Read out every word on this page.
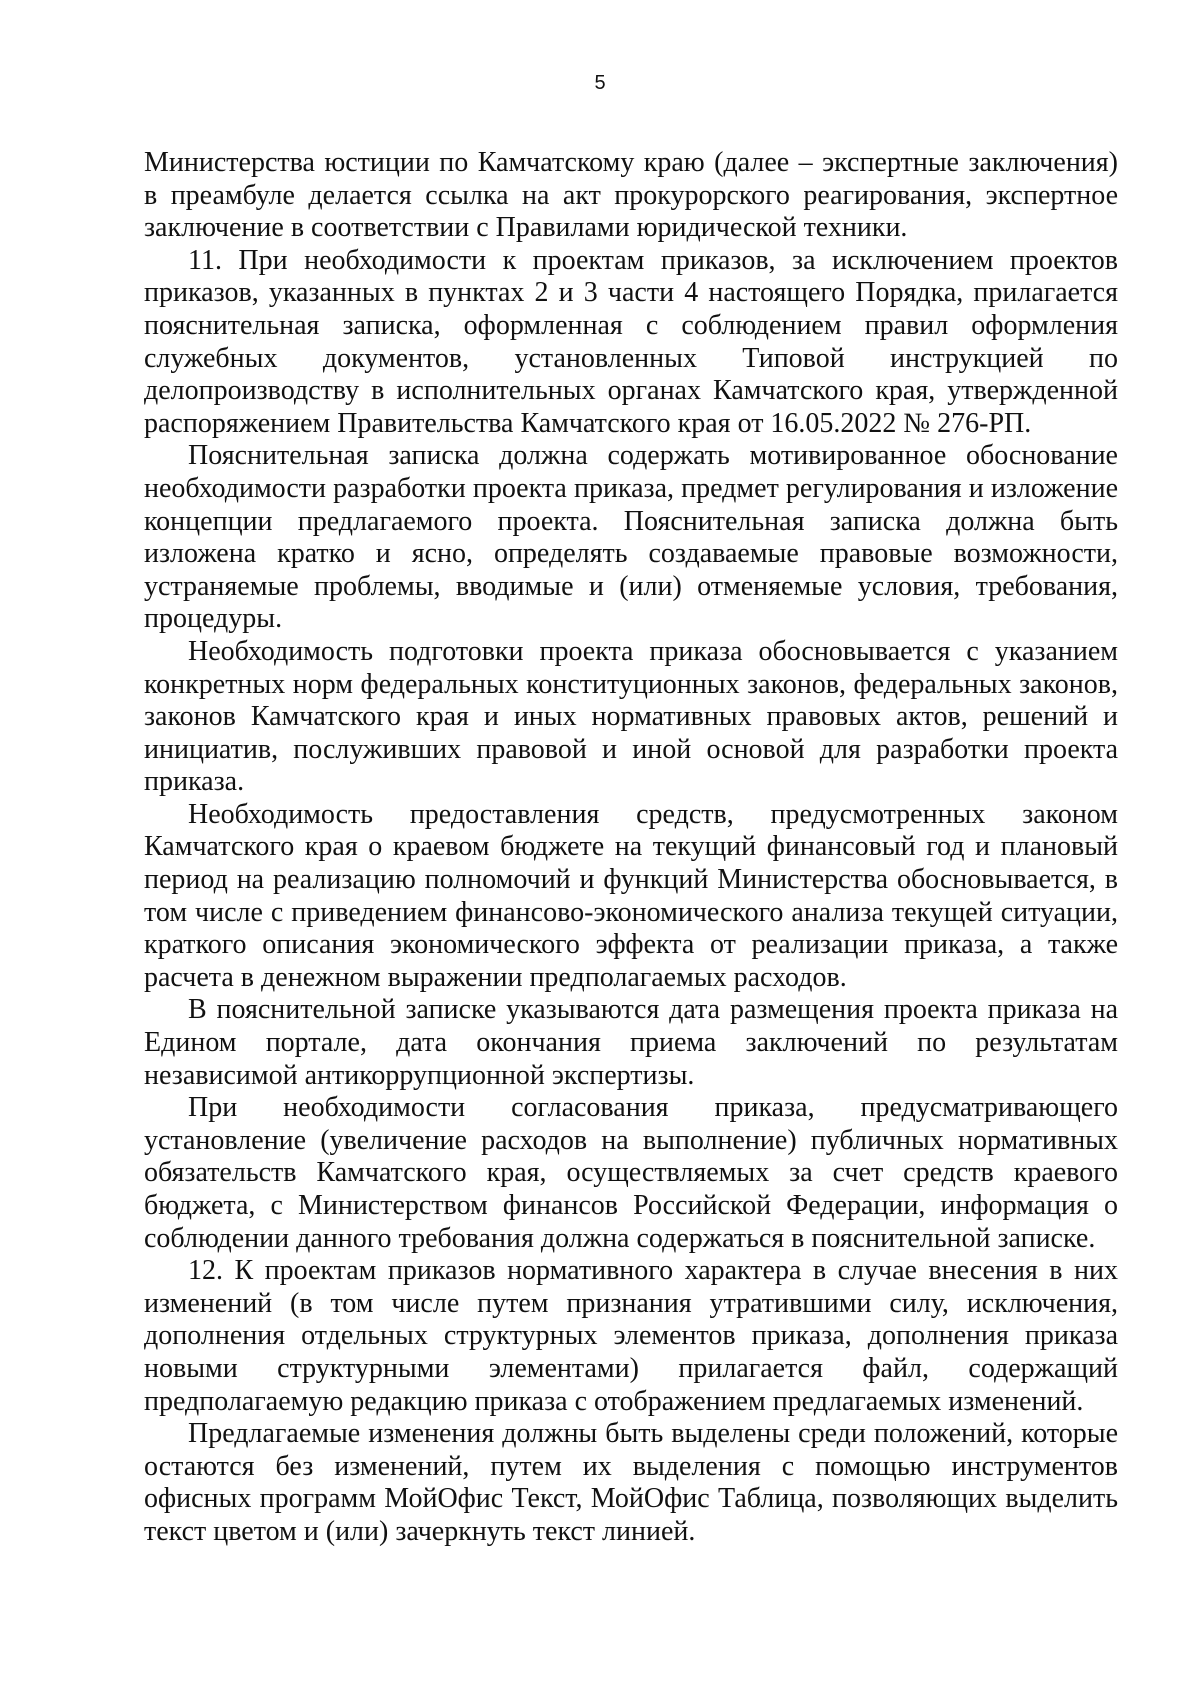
5

Министерства юстиции по Камчатскому краю (далее – экспертные заключения) в преамбуле делается ссылка на акт прокурорского реагирования, экспертное заключение в соответствии с Правилами юридической техники.

11. При необходимости к проектам приказов, за исключением проектов приказов, указанных в пунктах 2 и 3 части 4 настоящего Порядка, прилагается пояснительная записка, оформленная с соблюдением правил оформления служебных документов, установленных Типовой инструкцией по делопроизводству в исполнительных органах Камчатского края, утвержденной распоряжением Правительства Камчатского края от 16.05.2022 № 276-РП.

Пояснительная записка должна содержать мотивированное обоснование необходимости разработки проекта приказа, предмет регулирования и изложение концепции предлагаемого проекта. Пояснительная записка должна быть изложена кратко и ясно, определять создаваемые правовые возможности, устраняемые проблемы, вводимые и (или) отменяемые условия, требования, процедуры.

Необходимость подготовки проекта приказа обосновывается с указанием конкретных норм федеральных конституционных законов, федеральных законов, законов Камчатского края и иных нормативных правовых актов, решений и инициатив, послуживших правовой и иной основой для разработки проекта приказа.

Необходимость предоставления средств, предусмотренных законом Камчатского края о краевом бюджете на текущий финансовый год и плановый период на реализацию полномочий и функций Министерства обосновывается, в том числе с приведением финансово-экономического анализа текущей ситуации, краткого описания экономического эффекта от реализации приказа, а также расчета в денежном выражении предполагаемых расходов.

В пояснительной записке указываются дата размещения проекта приказа на Едином портале, дата окончания приема заключений по результатам независимой антикоррупционной экспертизы.

При необходимости согласования приказа, предусматривающего установление (увеличение расходов на выполнение) публичных нормативных обязательств Камчатского края, осуществляемых за счет средств краевого бюджета, с Министерством финансов Российской Федерации, информация о соблюдении данного требования должна содержаться в пояснительной записке.

12. К проектам приказов нормативного характера в случае внесения в них изменений (в том числе путем признания утратившими силу, исключения, дополнения отдельных структурных элементов приказа, дополнения приказа новыми структурными элементами) прилагается файл, содержащий предполагаемую редакцию приказа с отображением предлагаемых изменений.

Предлагаемые изменения должны быть выделены среди положений, которые остаются без изменений, путем их выделения с помощью инструментов офисных программ МойОфис Текст, МойОфис Таблица, позволяющих выделить текст цветом и (или) зачеркнуть текст линией.
